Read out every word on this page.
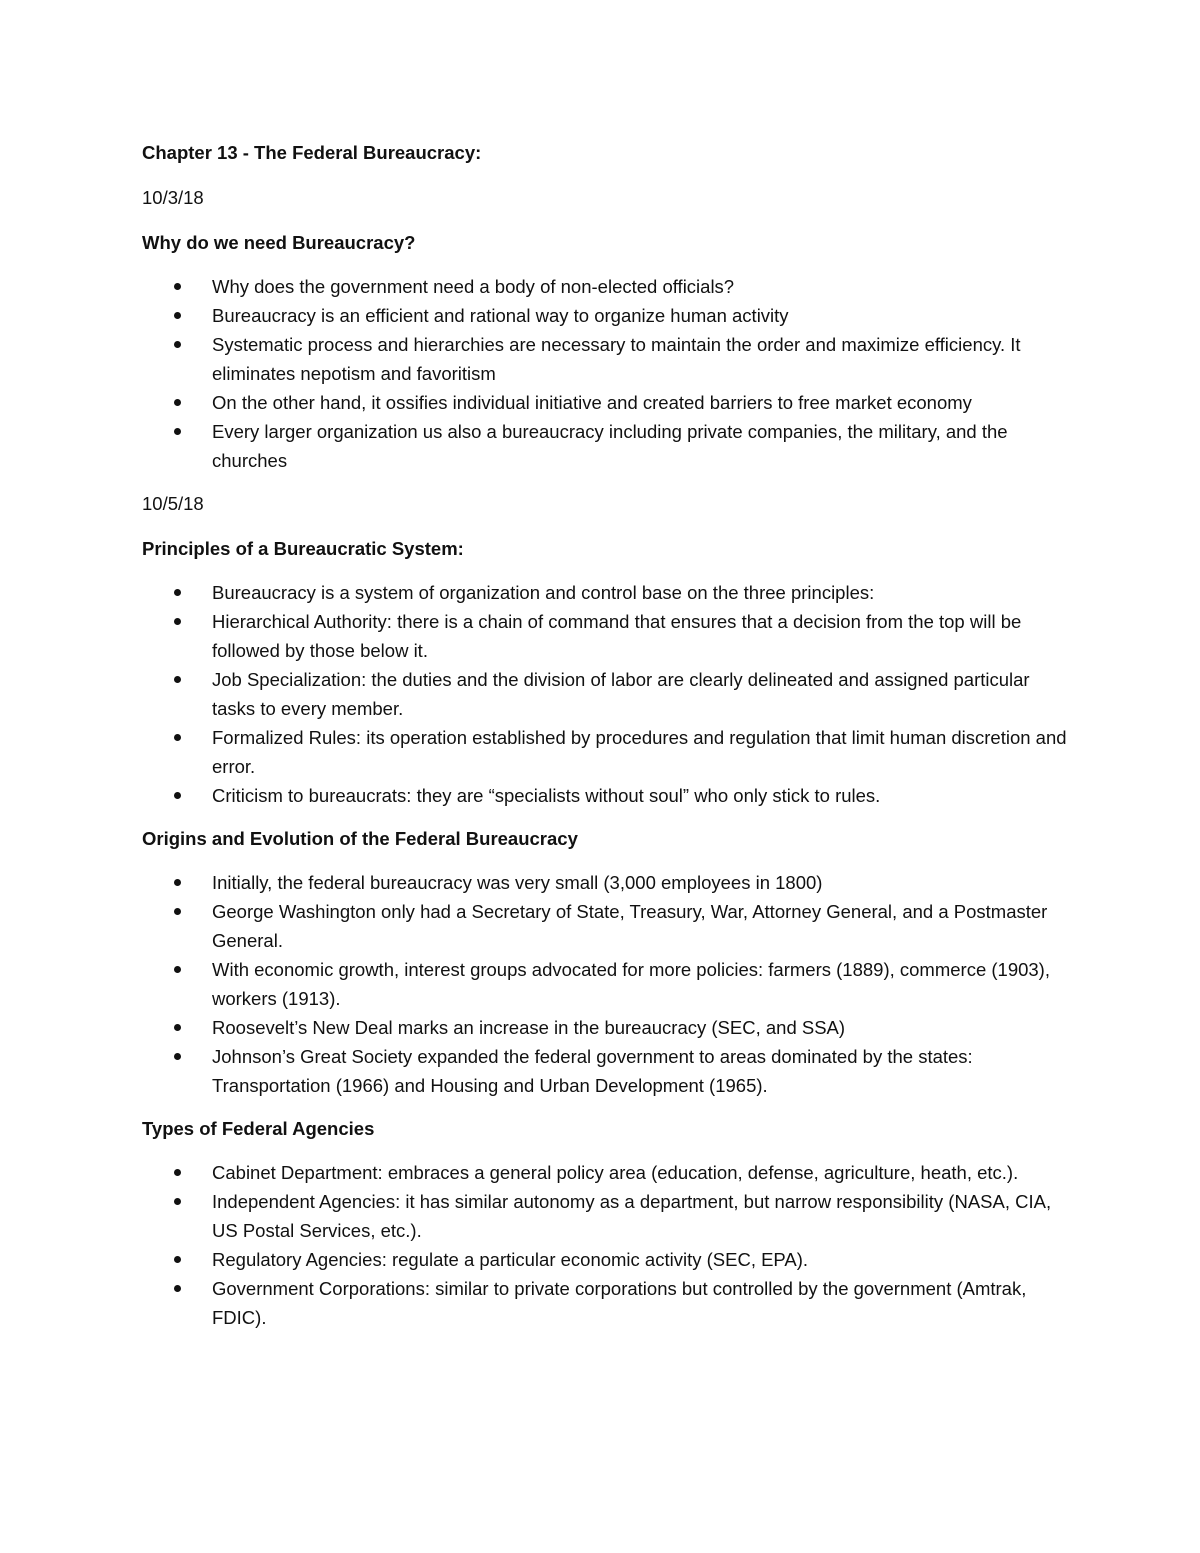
Chapter 13 - The Federal Bureaucracy:
10/3/18
Why do we need Bureaucracy?
Why does the government need a body of non-elected officials?
Bureaucracy is an efficient and rational way to organize human activity
Systematic process and hierarchies are necessary to maintain the order and maximize efficiency. It eliminates nepotism and favoritism
On the other hand, it ossifies individual initiative and created barriers to free market economy
Every larger organization us also a bureaucracy including private companies, the military, and the churches
10/5/18
Principles of a Bureaucratic System:
Bureaucracy is a system of organization and control base on the three principles:
Hierarchical Authority: there is a chain of command that ensures that a decision from the top will be followed by those below it.
Job Specialization: the duties and the division of labor are clearly delineated and assigned particular tasks to every member.
Formalized Rules: its operation established by procedures and regulation that limit human discretion and error.
Criticism to bureaucrats: they are “specialists without soul” who only stick to rules.
Origins and Evolution of the Federal Bureaucracy
Initially, the federal bureaucracy was very small (3,000 employees in 1800)
George Washington only had a Secretary of State, Treasury, War, Attorney General, and a Postmaster General.
With economic growth, interest groups advocated for more policies: farmers (1889), commerce (1903), workers (1913).
Roosevelt’s New Deal marks an increase in the bureaucracy (SEC, and SSA)
Johnson’s Great Society expanded the federal government to areas dominated by the states: Transportation (1966) and Housing and Urban Development (1965).
Types of Federal Agencies
Cabinet Department: embraces a general policy area (education, defense, agriculture, heath, etc.).
Independent Agencies: it has similar autonomy as a department, but narrow responsibility (NASA, CIA, US Postal Services, etc.).
Regulatory Agencies: regulate a particular economic activity (SEC, EPA).
Government Corporations: similar to private corporations but controlled by the government (Amtrak, FDIC).
